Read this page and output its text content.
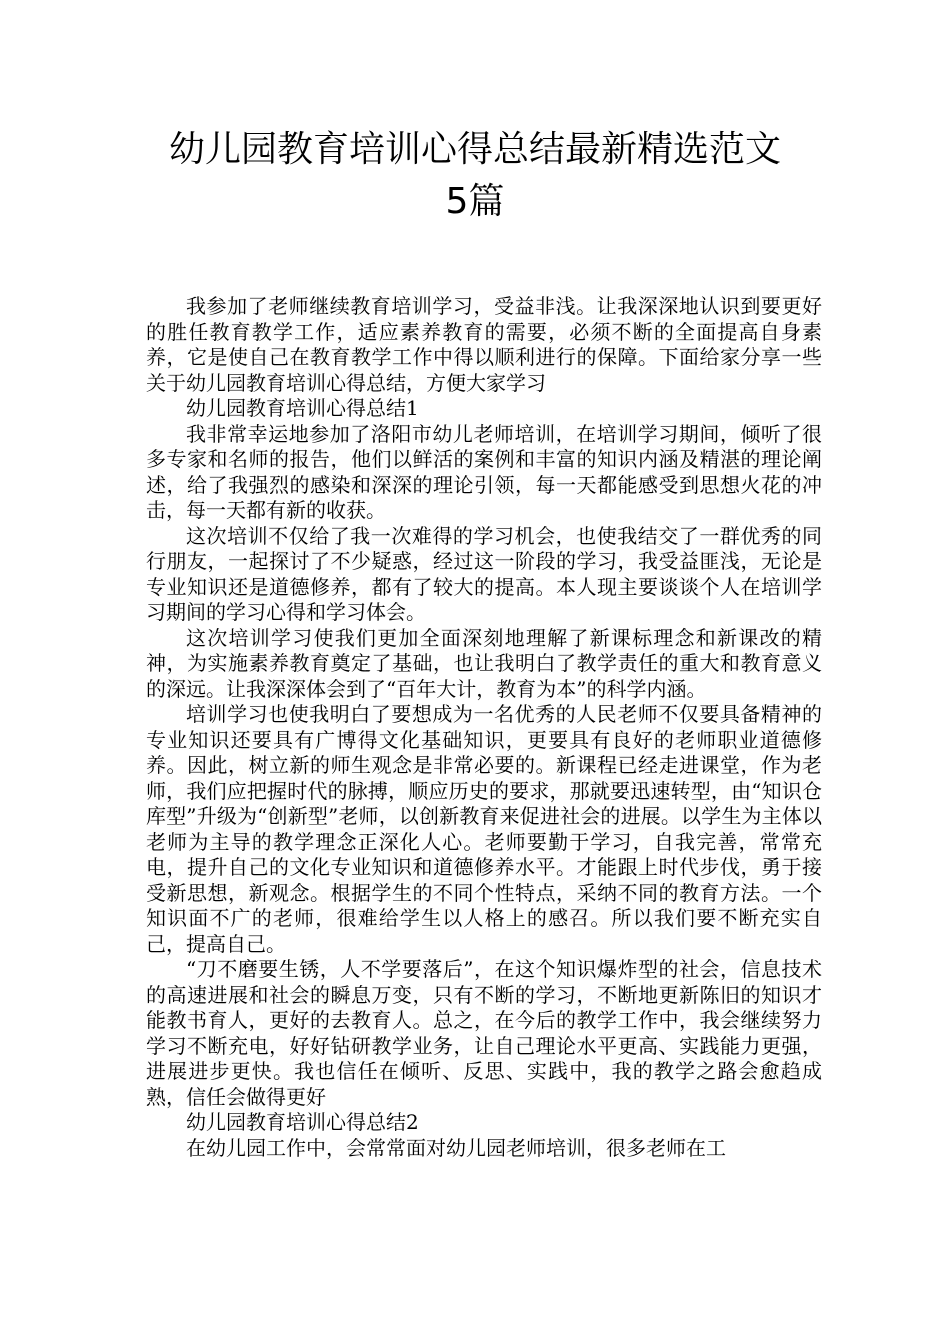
幼儿园教育培训心得总结最新精选范文
5篇

我参加了老师继续教育培训学习，受益非浅。让我深深地认识到要更好的胜任教育教学工作，适应素养教育的需要，必须不断的全面提高自身素养，它是使自己在教育教学工作中得以顺利进行的保障。下面给家分享一些关于幼儿园教育培训心得总结，方便大家学习

幼儿园教育培训心得总结1

我非常幸运地参加了洛阳市幼儿老师培训，在培训学习期间，倾听了很多专家和名师的报告，他们以鲜活的案例和丰富的知识内涵及精湛的理论阐述，给了我强烈的感染和深深的理论引领，每一天都能感受到思想火花的冲击，每一天都有新的收获。

这次培训不仅给了我一次难得的学习机会，也使我结交了一群优秀的同行朋友，一起探讨了不少疑惑，经过这一阶段的学习，我受益匪浅，无论是专业知识还是道德修养，都有了较大的提高。本人现主要谈谈个人在培训学习期间的学习心得和学习体会。

这次培训学习使我们更加全面深刻地理解了新课标理念和新课改的精神，为实施素养教育奠定了基础，也让我明白了教学责任的重大和教育意义的深远。让我深深体会到了“百年大计，教育为本”的科学内涵。

培训学习也使我明白了要想成为一名优秀的人民老师不仅要具备精神的专业知识还要具有广博得文化基础知识，更要具有良好的老师职业道德修养。因此，树立新的师生观念是非常必要的。新课程已经走进课堂，作为老师，我们应把握时代的脉搏，顺应历史的要求，那就要迅速转型，由“知识仓库型”升级为“创新型”老师，以创新教育来促进社会的进展。以学生为主体以老师为主导的教学理念正深化人心。老师要勤于学习，自我完善，常常充电，提升自己的文化专业知识和道德修养水平。才能跟上时代步伐，勇于接受新思想，新观念。根据学生的不同个性特点，采纳不同的教育方法。一个知识面不广的老师，很难给学生以人格上的感召。所以我们要不断充实自己，提高自己。

“刀不磨要生锈，人不学要落后”，在这个知识爆炸型的社会，信息技术的高速进展和社会的瞬息万变，只有不断的学习，不断地更新陈旧的知识才能教书育人，更好的去教育人。总之，在今后的教学工作中，我会继续努力学习不断充电，好好钻研教学业务，让自己理论水平更高、实践能力更强，进展进步更快。我也信任在倾听、反思、实践中，我的教学之路会愈趋成熟，信任会做得更好

幼儿园教育培训心得总结2

在幼儿园工作中，会常常面对幼儿园老师培训，很多老师在工
